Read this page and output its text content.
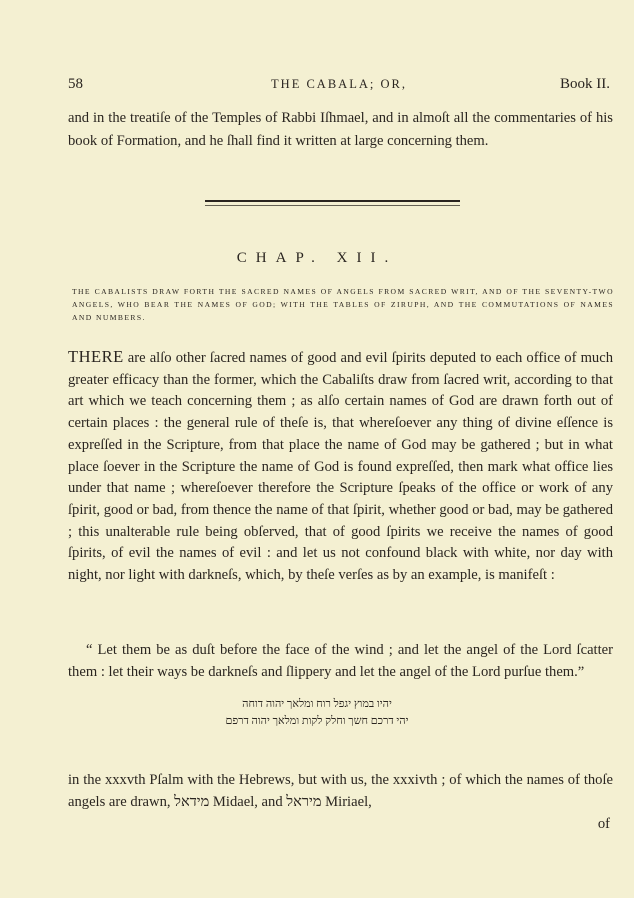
58	THE CABALA; OR,	Book II.
and in the treatiſe of the Temples of Rabbi Iſhmael, and in almoſt all the commentaries of his book of Formation, and he ſhall find it written at large concerning them.
CHAP. XII.
THE CABALISTS DRAW FORTH THE SACRED NAMES OF ANGELS FROM SACRED WRIT, AND OF THE SEVENTY-TWO ANGELS, WHO BEAR THE NAMES OF GOD; WITH THE TABLES OF ZIRUPH, AND THE COMMUTATIONS OF NAMES AND NUMBERS.
THERE are alſo other ſacred names of good and evil ſpirits deputed to each office of much greater efficacy than the former, which the Cabaliſts draw from ſacred writ, according to that art which we teach concerning them ; as alſo certain names of God are drawn forth out of certain places : the general rule of theſe is, that whereſoever any thing of divine eſſence is expreſſed in the Scripture, from that place the name of God may be gathered ; but in what place ſoever in the Scripture the name of God is found expreſſed, then mark what office lies under that name ; whereſoever therefore the Scripture ſpeaks of the office or work of any ſpirit, good or bad, from thence the name of that ſpirit, whether good or bad, may be gathered ; this unalterable rule being obſerved, that of good ſpirits we receive the names of good ſpirits, of evil the names of evil : and let us not confound black with white, nor day with night, nor light with darkneſs, which, by theſe verſes as by an example, is manifeſt :
“ Let them be as duſt before the face of the wind ; and let the angel of the Lord ſcatter them : let their ways be darkneſs and ſlippery and let the angel of the Lord purſue them.”
יהיו במוץ יגפל רוח ומלאך יהוה דוחה
יהי דרכם חשך וחלק לקות ומלאך יהוה דרפם
in the xxxvth Pſalm with the Hebrews, but with us, the xxxivth ; of which the names of thoſe angels are drawn, מידאל Midael, and מיראל Miriael,
of
